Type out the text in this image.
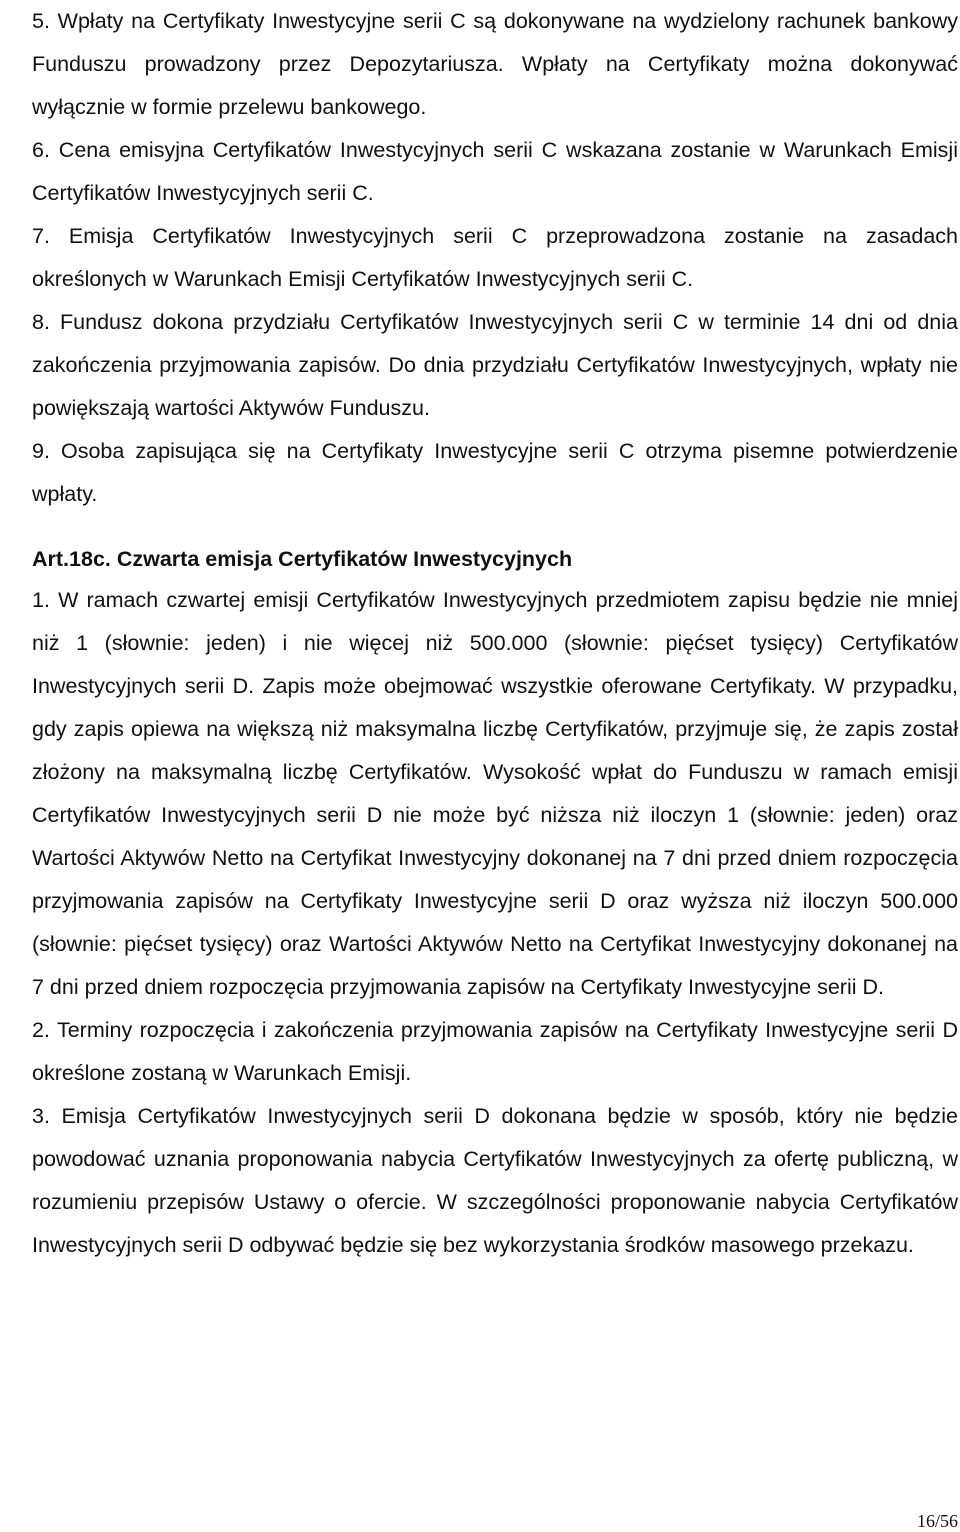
5. Wpłaty na Certyfikaty Inwestycyjne serii C są dokonywane na wydzielony rachunek bankowy Funduszu prowadzony przez Depozytariusza. Wpłaty na Certyfikaty można dokonywać wyłącznie w formie przelewu bankowego.

6. Cena emisyjna Certyfikatów Inwestycyjnych serii C wskazana zostanie w Warunkach Emisji Certyfikatów Inwestycyjnych serii C.

7. Emisja Certyfikatów Inwestycyjnych serii C przeprowadzona zostanie na zasadach określonych w Warunkach Emisji Certyfikatów Inwestycyjnych serii C.

8. Fundusz dokona przydziału Certyfikatów Inwestycyjnych serii C w terminie 14 dni od dnia zakończenia przyjmowania zapisów. Do dnia przydziału Certyfikatów Inwestycyjnych, wpłaty nie powiększają wartości Aktywów Funduszu.

9. Osoba zapisująca się na Certyfikaty Inwestycyjne serii C otrzyma pisemne potwierdzenie wpłaty.

Art.18c. Czwarta emisja Certyfikatów Inwestycyjnych

1. W ramach czwartej emisji Certyfikatów Inwestycyjnych przedmiotem zapisu będzie nie mniej niż 1 (słownie: jeden) i nie więcej niż 500.000 (słownie: pięćset tysięcy) Certyfikatów Inwestycyjnych serii D. Zapis może obejmować wszystkie oferowane Certyfikaty. W przypadku, gdy zapis opiewa na większą niż maksymalna liczbę Certyfikatów, przyjmuje się, że zapis został złożony na maksymalną liczbę Certyfikatów. Wysokość wpłat do Funduszu w ramach emisji Certyfikatów Inwestycyjnych serii D nie może być niższa niż iloczyn 1 (słownie: jeden) oraz Wartości Aktywów Netto na Certyfikat Inwestycyjny dokonanej na 7 dni przed dniem rozpoczęcia przyjmowania zapisów na Certyfikaty Inwestycyjne serii D oraz wyższa niż iloczyn 500.000 (słownie: pięćset tysięcy) oraz Wartości Aktywów Netto na Certyfikat Inwestycyjny dokonanej na 7 dni przed dniem rozpoczęcia przyjmowania zapisów na Certyfikaty Inwestycyjne serii D.

2. Terminy rozpoczęcia i zakończenia przyjmowania zapisów na Certyfikaty Inwestycyjne serii D określone zostaną w Warunkach Emisji.

3. Emisja Certyfikatów Inwestycyjnych serii D dokonana będzie w sposób, który nie będzie powodować uznania proponowania nabycia Certyfikatów Inwestycyjnych za ofertę publiczną, w rozumieniu przepisów Ustawy o ofercie. W szczególności proponowanie nabycia Certyfikatów Inwestycyjnych serii D odbywać będzie się bez wykorzystania środków masowego przekazu.

16/56
